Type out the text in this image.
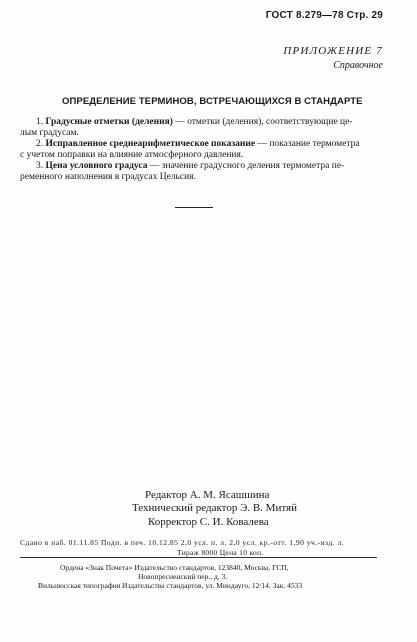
ГОСТ 8.279—78 Стр. 29
ПРИЛОЖЕНИЕ 7
Справочное
ОПРЕДЕЛЕНИЕ ТЕРМИНОВ, ВСТРЕЧАЮЩИХСЯ В СТАНДАРТЕ
1. Градусные отметки (деления) — отметки (деления), соответствующие це-
лым градусам.
2. Исправленное среднеарифметическое показание — показание термометра
с учетом поправки на влияние атмосферного давления.
3. Цена условного градуса — значение градусного деления термометра пе-
ременного наполнения в градусах Цельсия.
Редактор А. М. Ясашшина
Технический редактор Э. В. Митяй
Корректор С. И. Ковалева
Сдано в наб. 01.11.85 Подп. в печ. 10.12.85 2,0 усл. п. л. 2,0 усл. кр.-отт. 1,90 уч.-изд. л.
Тираж 8000 Цена 10 коп.
Ордена «Знак Почета» Издательство стандартов, 123840, Москва, ГСП,
Новопресненский пер., д. 3.
Вильнюсская типография Издательства стандартов, ул. Миндауго, 12/14. Зак. 4533
